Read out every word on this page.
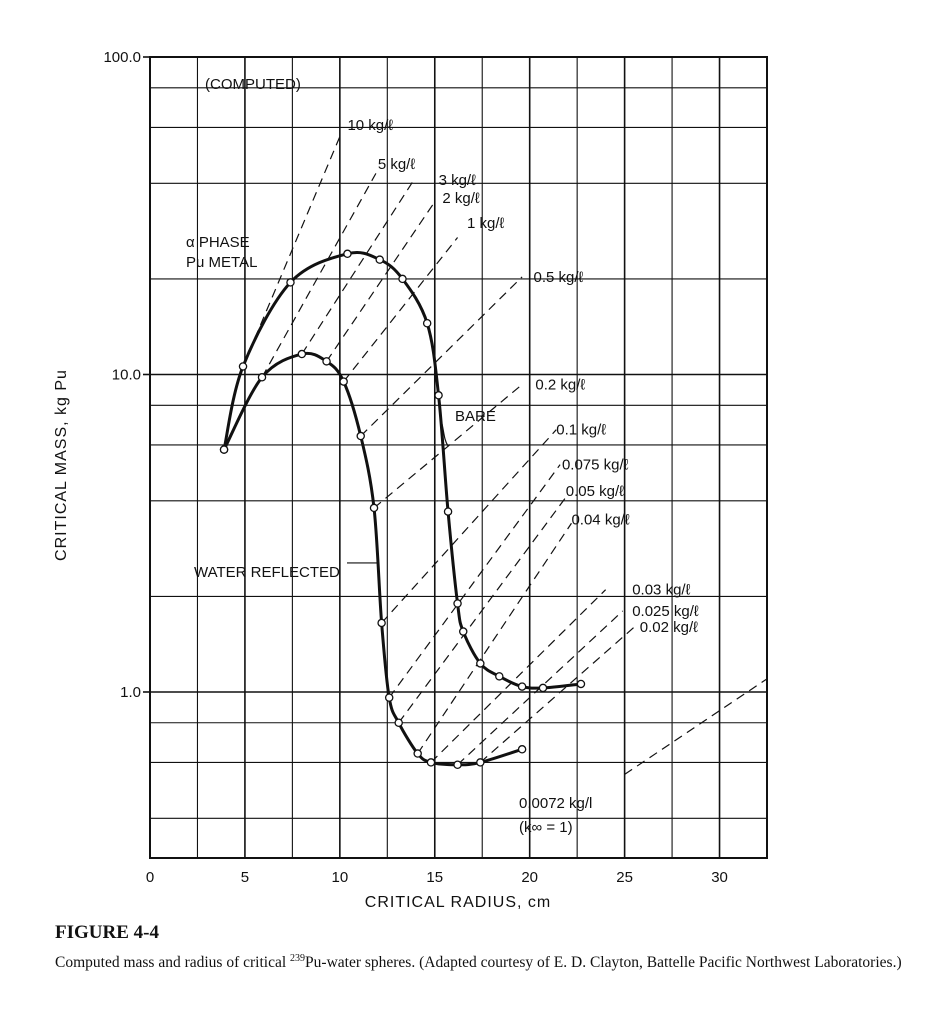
10 kg/ℓ
5 kg/ℓ
3 kg/ℓ
2 kg/ℓ
1 kg/ℓ
0.5 kg/ℓ
0.2 kg/ℓ
0.1 kg/ℓ
0.075 kg/ℓ
0.05 kg/ℓ
0.04 kg/ℓ
0.03 kg/ℓ
0.025 kg/ℓ
0.02 kg/ℓ
0	5	10	15	20	25	30
1.0
10.0
100.0
(COMPUTED)
α PHASE
Pu METAL
BARE
WATER REFLECTED
0.0072 kg/l
(k∞ = 1)
CRITICAL RADIUS, cm
CRITICAL MASS, kg Pu

FIGURE 4-4

Computed mass and radius of critical $^{239}$Pu-water spheres. (Adapted courtesy of E. D. Clayton, Battelle Pacific Northwest Laboratories.)
